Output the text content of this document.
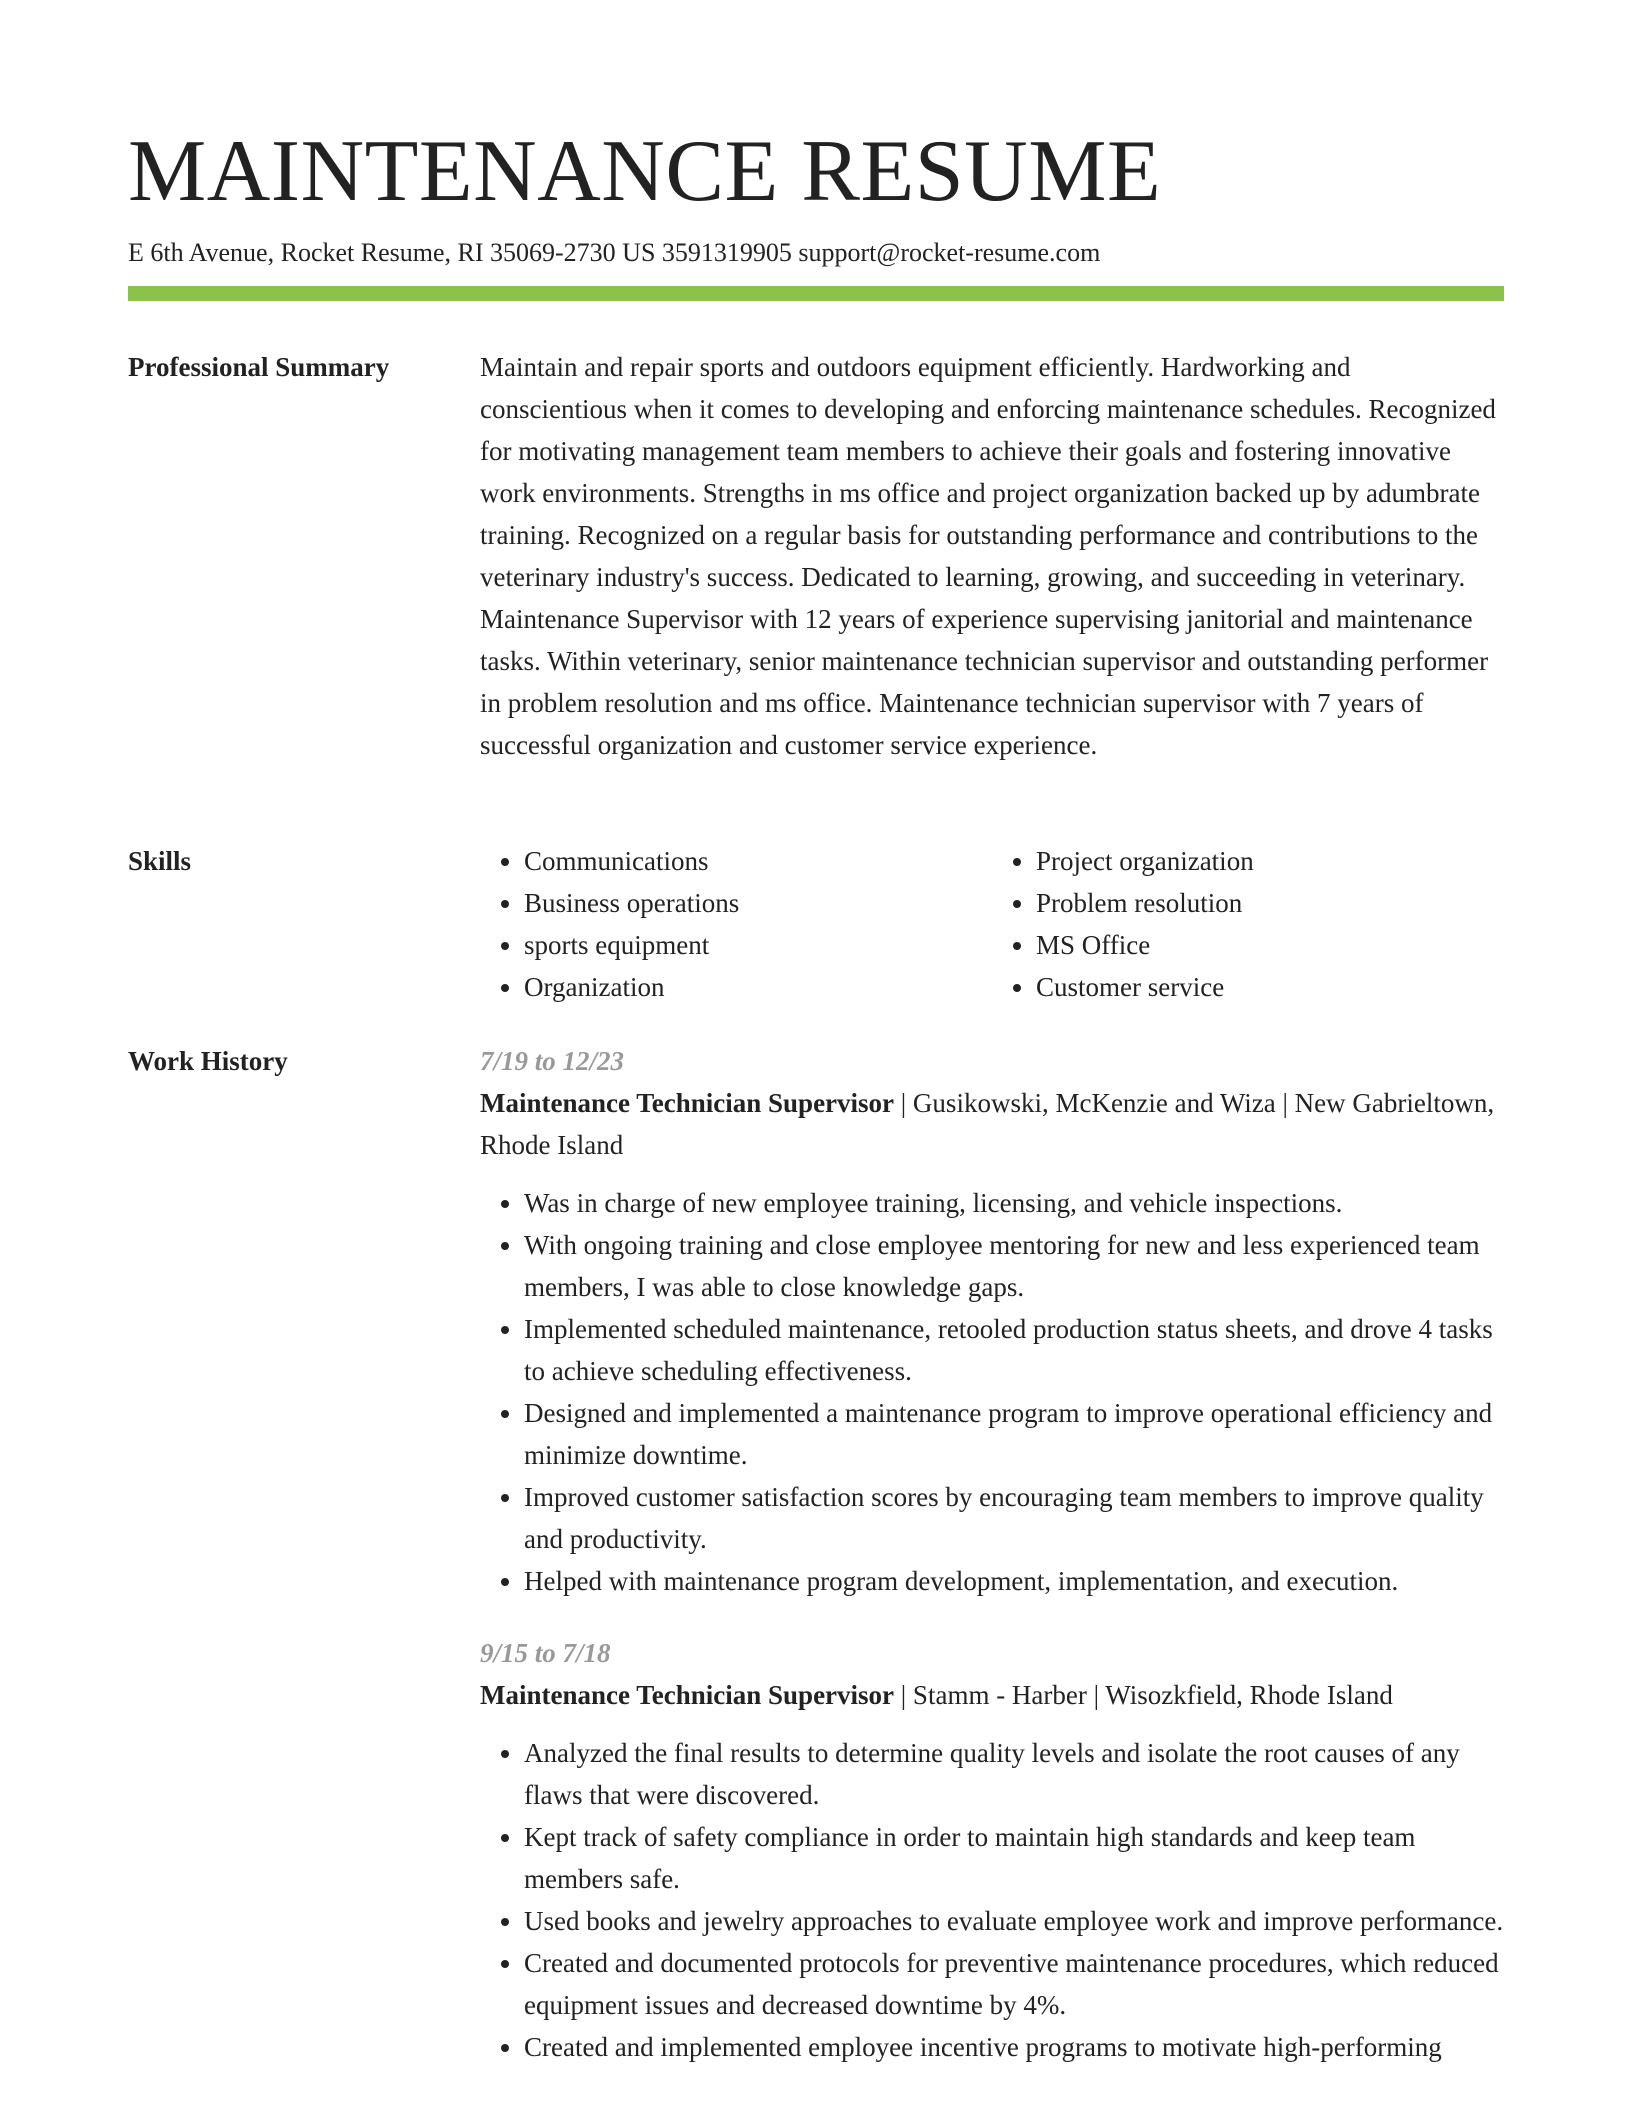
MAINTENANCE RESUME
E 6th Avenue, Rocket Resume, RI 35069-2730 US 3591319905 support@rocket-resume.com
Professional Summary	Maintain and repair sports and outdoors equipment efficiently. Hardworking and conscientious when it comes to developing and enforcing maintenance schedules. Recognized for motivating management team members to achieve their goals and fostering innovative work environments. Strengths in ms office and project organization backed up by adumbrate training. Recognized on a regular basis for outstanding performance and contributions to the veterinary industry's success. Dedicated to learning, growing, and succeeding in veterinary. Maintenance Supervisor with 12 years of experience supervising janitorial and maintenance tasks. Within veterinary, senior maintenance technician supervisor and outstanding performer in problem resolution and ms office. Maintenance technician supervisor with 7 years of successful organization and customer service experience.

Skills
•	Communications
• Business operations
• sports equipment
• Organization
• Project organization
• Problem resolution
• MS Office
• Customer service
Work History	7/19 to 12/23

Maintenance Technician Supervisor | Gusikowski, McKenzie and Wiza | New Gabrieltown, Rhode Island

• Was in charge of new employee training, licensing, and vehicle inspections.
• With ongoing training and close employee mentoring for new and less experienced team members, I was able to close knowledge gaps.
• Implemented scheduled maintenance, retooled production status sheets, and drove 4 tasks to achieve scheduling effectiveness.
• Designed and implemented a maintenance program to improve operational efficiency and minimize downtime.
• Improved customer satisfaction scores by encouraging team members to improve quality and productivity.
• Helped with maintenance program development, implementation, and execution.
9/15 to 7/18

Maintenance Technician Supervisor | Stamm - Harber | Wisozkfield, Rhode Island

• Analyzed the final results to determine quality levels and isolate the root causes of any flaws that were discovered.
• Kept track of safety compliance in order to maintain high standards and keep team members safe.
• Used books and jewelry approaches to evaluate employee work and improve performance.
• Created and documented protocols for preventive maintenance procedures, which reduced equipment issues and decreased downtime by 4%.
• Created and implemented employee incentive programs to motivate high-performing
